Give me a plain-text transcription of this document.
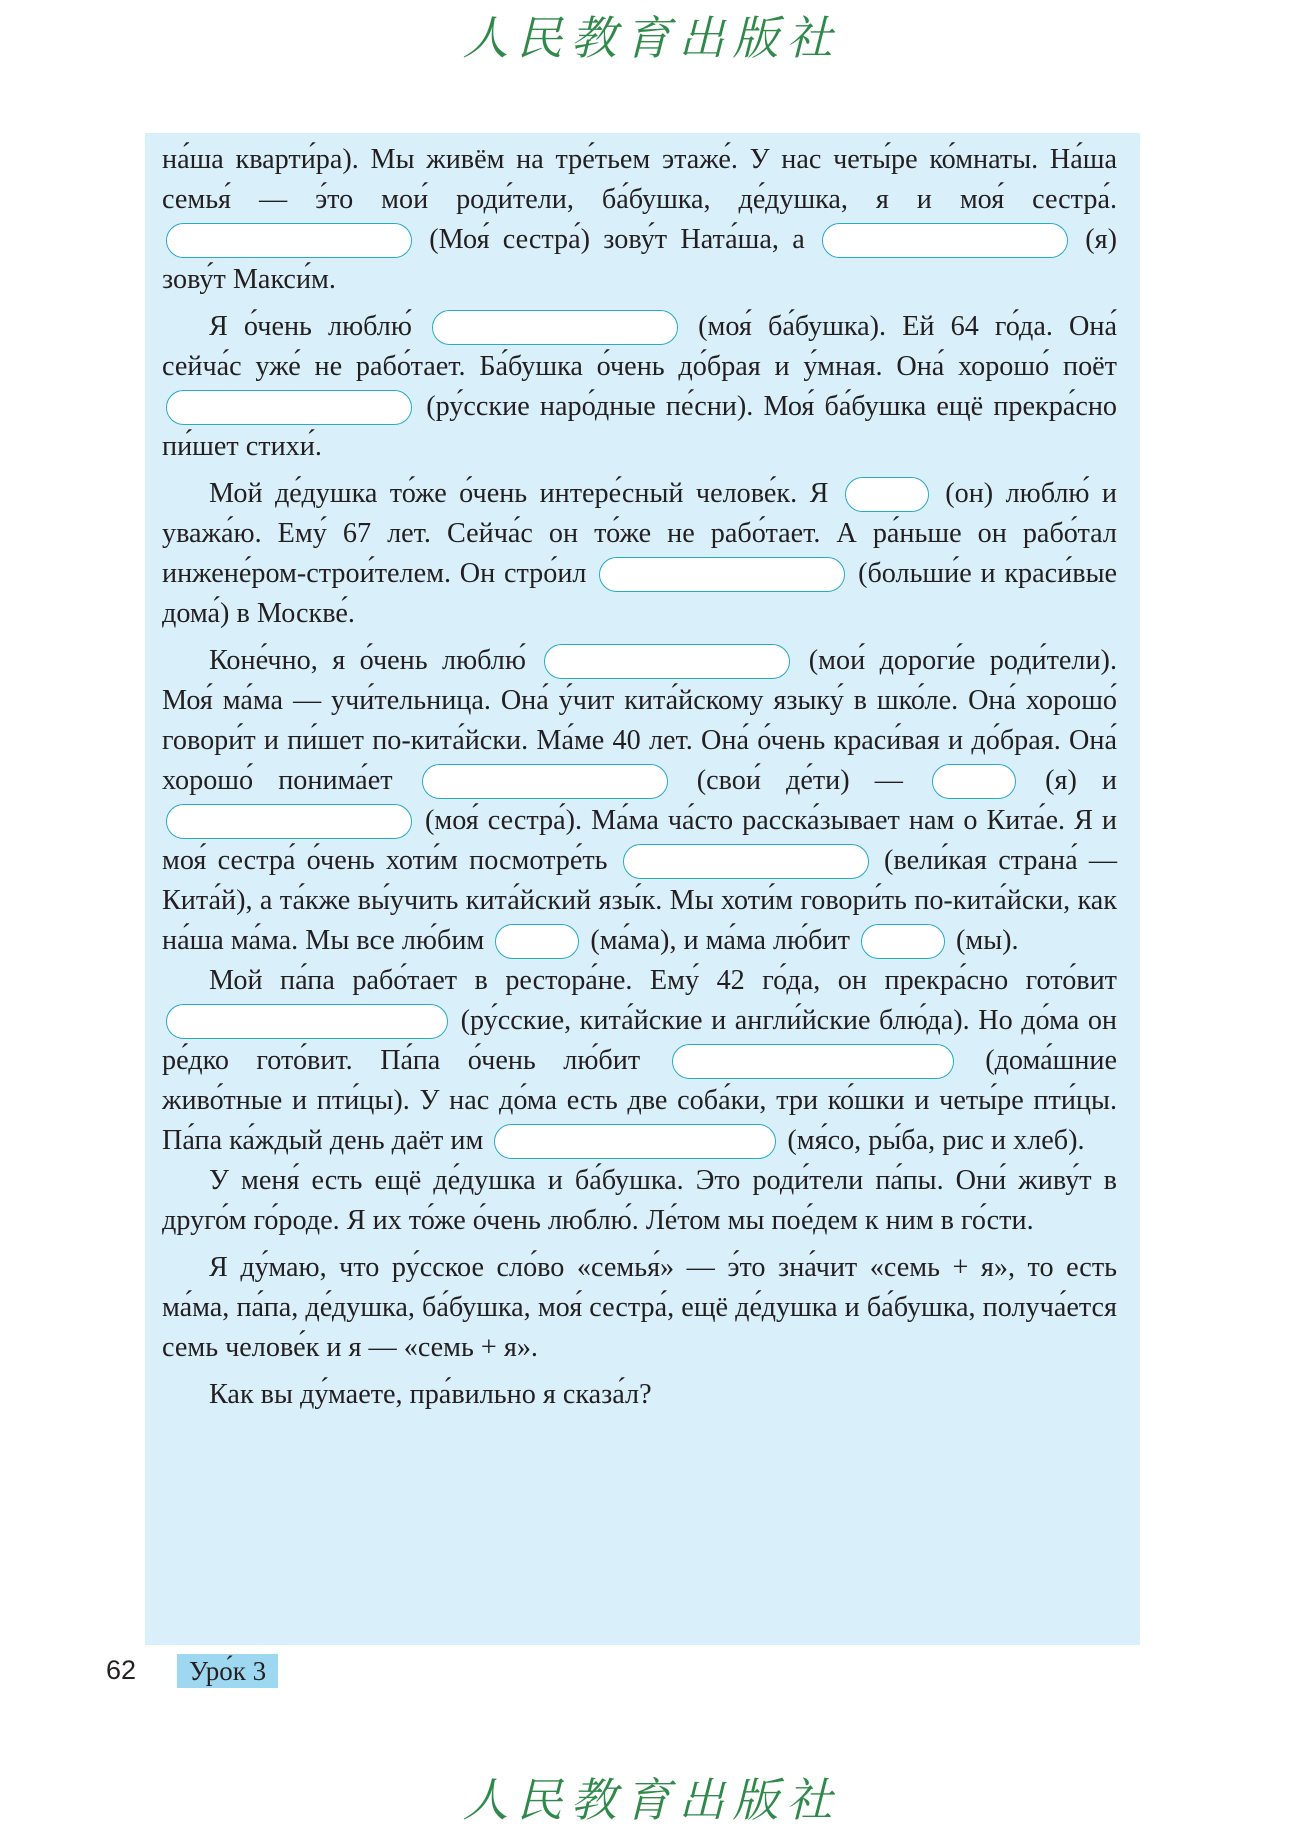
人民教育出版社

на́ша кварти́ра). Мы живём на тре́тьем этаже́. У нас четы́ре ко́мнаты. На́ша семья́ — э́то мои́ роди́тели, ба́бушка, де́душка, я и моя́ сестра́.  (Моя́ сестра́) зову́т Ната́ша, а	(я) зову́т Макси́м.

Я о́чень люблю́	(моя́ ба́бушка). Ей 64 го́да. Она́ сейча́с уже́ не рабо́тает. Ба́бушка о́чень до́брая и у́мная. Она́ хорошо́ поёт  (ру́сские наро́дные пе́сни). Моя́ ба́бушка ещё прекра́сно пи́шет стихи́.

Мой де́душка то́же о́чень интере́сный челове́к. Я	(он) люблю́ и уважа́ю. Ему́ 67 лет. Сейча́с он то́же не рабо́тает. А ра́ньше он рабо́тал инжене́ром-строи́телем. Он стро́ил	(больши́е и краси́вые дома́) в Москве́.

Коне́чно, я о́чень люблю́	(мои́ дороги́е роди́тели). Моя́ ма́ма — учи́тельница. Она́ у́чит кита́йскому языку́ в шко́ле. Она́ хорошо́ говори́т и пи́шет по-кита́йски. Ма́ме 40 лет. Она́ о́чень краси́вая и до́брая. Она́ хорошо́ понима́ет	(свои́ де́ти) —	(я) и  (моя́ сестра́). Ма́ма ча́сто расска́зывает нам о Кита́е. Я и моя́ сестра́ о́чень хоти́м посмотре́ть	(вели́кая страна́ — Кита́й), а та́кже вы́учить кита́йский язы́к. Мы хоти́м говори́ть по-кита́йски, как на́ша ма́ма. Мы все лю́бим	(ма́ма), и ма́ма лю́бит	(мы).

Мой па́па рабо́тает в рестора́не. Ему́ 42 го́да, он прекра́сно гото́вит  (ру́сские, кита́йские и англи́йские блю́да). Но до́ма он ре́дко гото́вит. Па́па о́чень лю́бит	(дома́шние живо́тные и пти́цы). У нас до́ма есть две соба́ки, три ко́шки и четы́ре пти́цы. Па́па ка́ждый день даёт им	(мя́со, ры́ба, рис и хлеб).

У меня́ есть ещё де́душка и ба́бушка. Это роди́тели па́пы. Они́ живу́т в друго́м го́роде. Я их то́же о́чень люблю́. Ле́том мы пое́дем к ним в го́сти.

Я ду́маю, что ру́сское сло́во «семья́» — э́то зна́чит «семь + я», то есть ма́ма, па́па, де́душка, ба́бушка, моя́ сестра́, ещё де́душка и ба́бушка, получа́ется семь челове́к и я — «семь + я».

Как вы ду́маете, пра́вильно я сказа́л?

62	Уро́к 3
人民教育出版社
